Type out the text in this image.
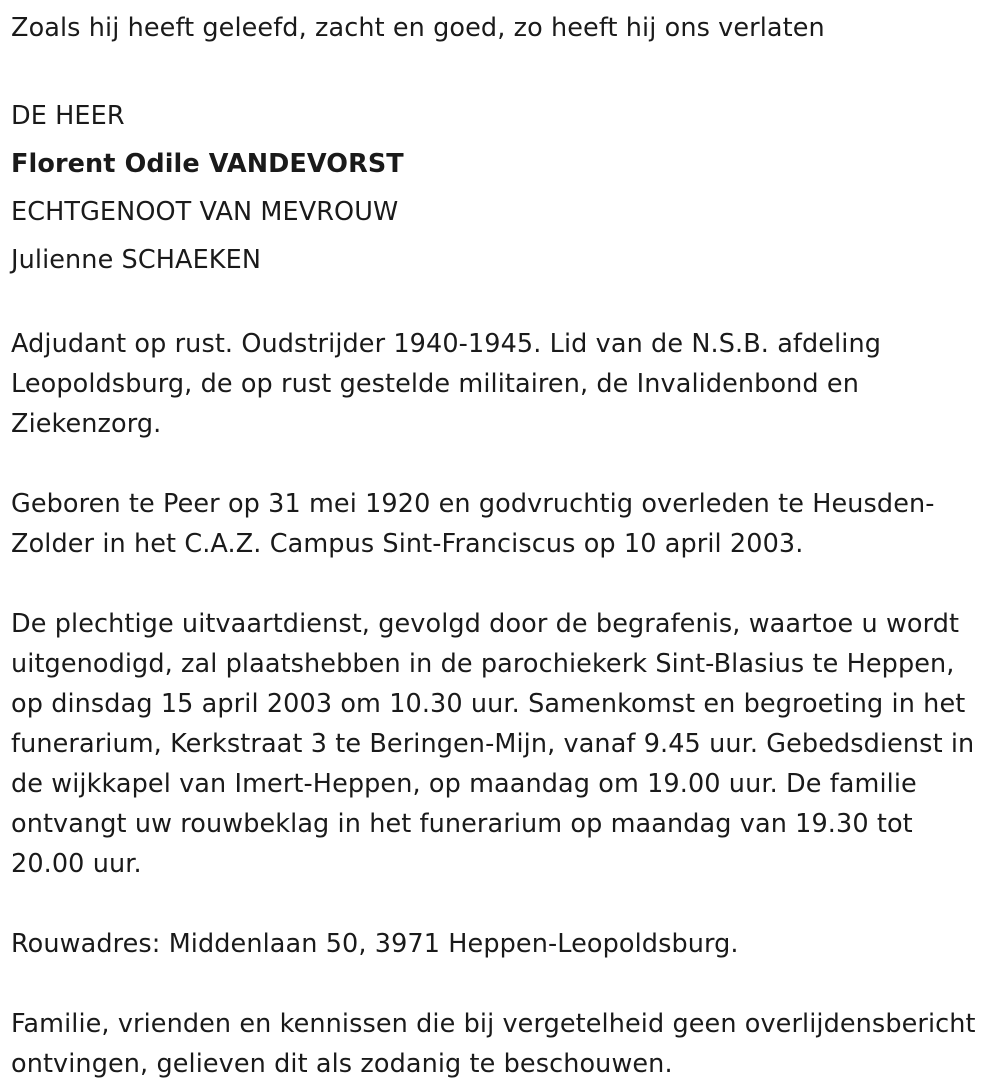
Zoals hij heeft geleefd, zacht en goed, zo heeft hij ons verlaten

DE HEER

Florent Odile VANDEVORST

ECHTGENOOT VAN MEVROUW

Julienne SCHAEKEN

Adjudant op rust. Oudstrijder 1940-1945. Lid van de N.S.B. afdeling Leopoldsburg, de op rust gestelde militairen, de Invalidenbond en Ziekenzorg.

Geboren te Peer op 31 mei 1920 en godvruchtig overleden te Heusden-Zolder in het C.A.Z. Campus Sint-Franciscus op 10 april 2003.

De plechtige uitvaartdienst, gevolgd door de begrafenis, waartoe u wordt uitgenodigd, zal plaatshebben in de parochiekerk Sint-Blasius te Heppen, op dinsdag 15 april 2003 om 10.30 uur. Samenkomst en begroeting in het funerarium, Kerkstraat 3 te Beringen-Mijn, vanaf 9.45 uur. Gebedsdienst in de wijkkapel van Imert-Heppen, op maandag om 19.00 uur. De familie ontvangt uw rouwbeklag in het funerarium op maandag van 19.30 tot 20.00 uur.

Rouwadres: Middenlaan 50, 3971 Heppen-Leopoldsburg.

Familie, vrienden en kennissen die bij vergetelheid geen overlijdensbericht ontvingen, gelieven dit als zodanig te beschouwen.
